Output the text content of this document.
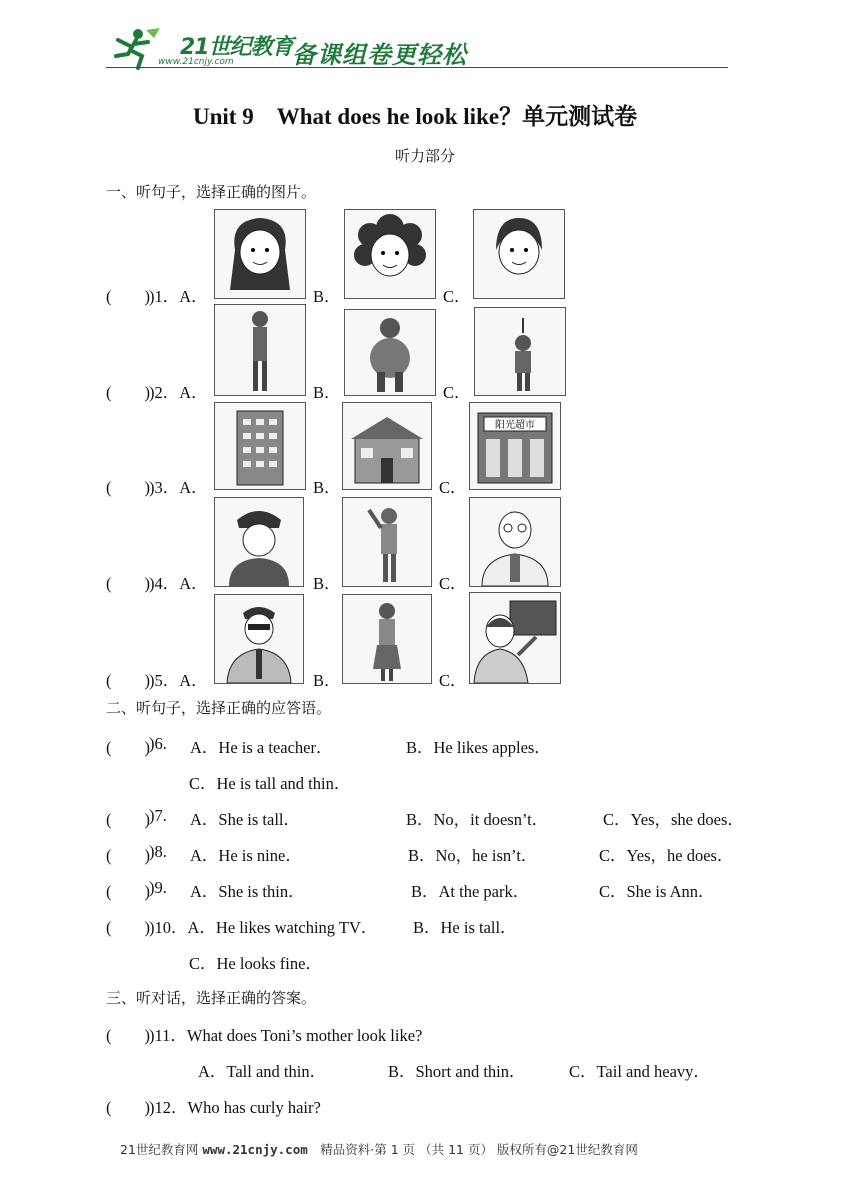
21世纪教育
www.21cnjy.com 备课组卷更轻松
Unit 9　What does he look like？单元测试卷
听力部分
一、听句子，选择正确的图片。
(　　) )1．A．	B．	C．
(　　) )2．A．	B．	C．
(　　) )3．A．	B．	C．
阳光超市
(　　) )4．A．	B．	C．
(　　) )5．A．	B．	C．
二、听句子，选择正确的应答语。
(　　) )6. A．He is a teacher．	B．He likes apples．
C．He is tall and thin．
(　　) )7. A．She is tall．	B．No，it doesn’t．	C．Yes，she does．
(　　) )8. A．He is nine．	B．No，he isn’t．	C．Yes，he does．
(　　) )9. A．She is thin．	B．At the park．	C．She is Ann．
(　　) )10．A．He likes watching TV． B．He is tall．
C．He looks fine．
三、听对话，选择正确的答案。
(　　) )11．What does Toni’s mother look like?
A．Tall and thin．	B．Short and thin．	C．Tail and heavy．
(　　) )12．Who has curly hair?
21世纪教育网 www.21cnjy.com　精品资料·第 1 页 （共 11 页） 版权所有@21世纪教育网
